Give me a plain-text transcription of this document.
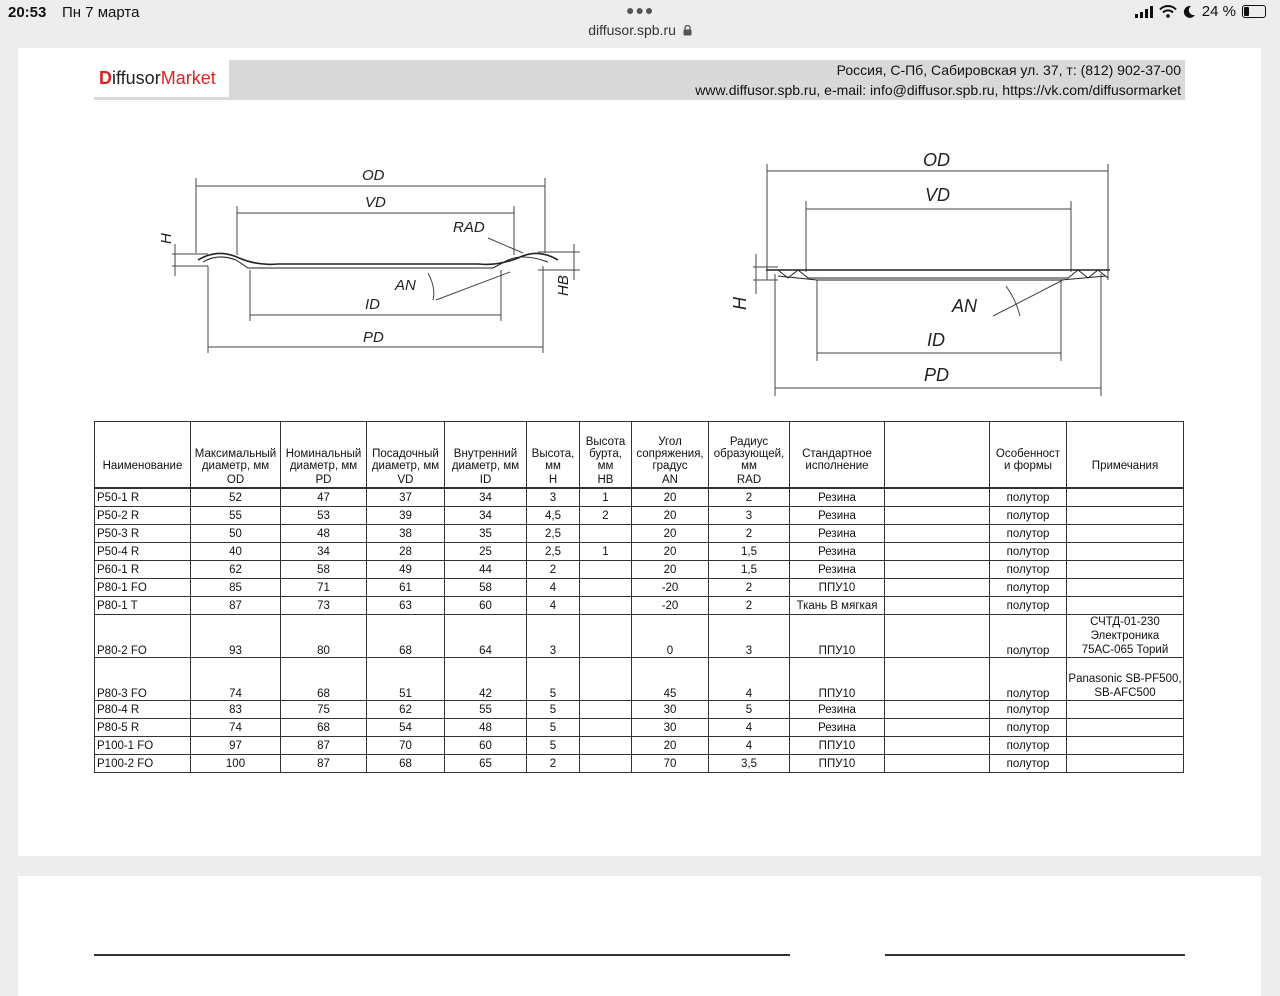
20:53 Пн 7 марта	●●●	24 %
diffusor.spb.ru
D iffusor Market	Россия, С-Пб, Сабировская ул. 37, т: (812) 902-37-00
www.diffusor.spb.ru, e-mail: info@diffusor.spb.ru, https://vk.com/diffusormarket
OD
VD
RAD
H
AN
ID
HB
PD
OD
VD
H	AN
ID
PD
Наименование	Максимальный диаметр, мм	Номинальный диаметр, мм	Посадочный диаметр, мм	Внутренний диаметр, мм	Высота, мм	Высота бурта, мм	Угол сопряжения, градус	Радиус образующей, мм	Стандартное исполнение		Особенност и формы	Примечания
	OD	PD	VD	ID	H	HB	AN	RAD				
P50-1 R	52	47	37	34	3	1	20	2	Резина		полутор	
P50-2 R	55	53	39	34	4,5	2	20	3	Резина		полутор	
P50-3 R	50	48	38	35	2,5		20	2	Резина		полутор	
P50-4 R	40	34	28	25	2,5	1	20	1,5	Резина		полутор	
P60-1 R	62	58	49	44	2		20	1,5	Резина		полутор	
P80-1 FO	85	71	61	58	4		-20	2	ППУ10		полутор	
P80-1 T	87	73	63	60	4		-20	2	Ткань В мягкая		полутор	
P80-2 FO	93	80	68	64	3		0	3	ППУ10		полутор	СЧТД-01-230 Электроника 75АС-065 Торий
P80-3 FO	74	68	51	42	5		45	4	ППУ10		полутор	Panasonic SB-PF500, SB-AFC500
P80-4 R	83	75	62	55	5		30	5	Резина		полутор	
P80-5 R	74	68	54	48	5		30	4	Резина		полутор	
P100-1 FO	97	87	70	60	5		20	4	ППУ10		полутор	
P100-2 FO	100	87	68	65	2		70	3,5	ППУ10		полутор	
